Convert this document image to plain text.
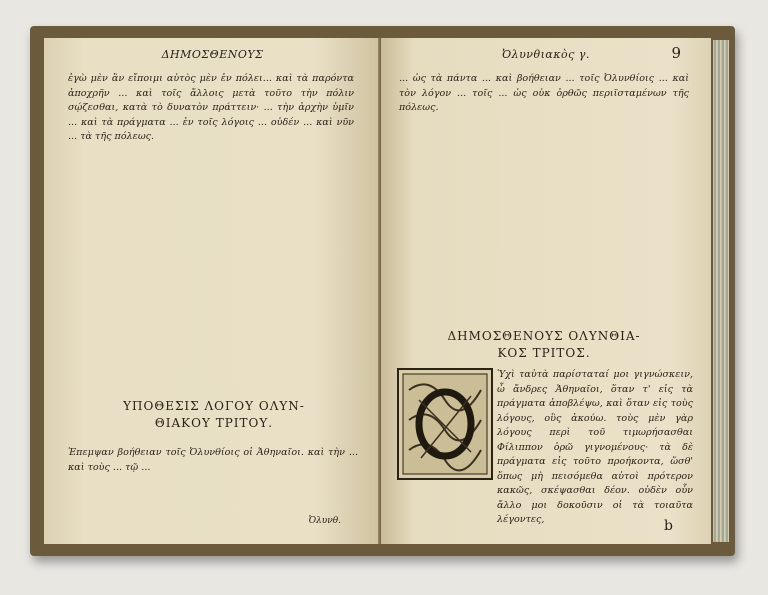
ΔΗΜΟΣΘΕΝΟΥΣ
ἐγὼ μὲν ἂν εἴποιμι αὐτὸς μὲν ἐν πόλει... καὶ τὰ παρόντα ἀποχρῆν ... καὶ τοῖς ἄλλοις μετὰ τοῦτο τὴν πόλιν σῴζεσθαι, κατὰ τὸ δυνατὸν πράττειν· ... τὴν ἀρχὴν ὑμῖν ... καὶ τὰ πράγματα ... ἐν τοῖς λόγοις ... οὐδέν ... καὶ νῦν ... τὰ τῆς πόλεως.
ΥΠΟΘΕΣΙΣ ΛΟΓΟΥ ΟΛΥΝ-
ΘΙΑΚΟΥ ΤΡΙΤΟΥ.
Ἐπεμψαν βοήθειαν τοῖς Ὀλυνθίοις οἱ Ἀθηναῖοι. καὶ τὴν ... καὶ τοὺς ... τῷ ...
Ὀλυνθ.
Ὀλυνθιακὸς γ.	9
... ὡς τὰ πάντα ... καὶ βοήθειαν ... τοῖς Ὀλυνθίοις ... καὶ τὸν λόγον ... τοῖς ... ὡς οὐκ ὀρθῶς περιϊσταμένων τῆς πόλεως.
ΔΗΜΟΣΘΕΝΟΥΣ ΟΛΥΝΘΙΑ-
ΚΟΣ ΤΡΙΤΟΣ.
Ὑχὶ ταὐτὰ παρίσταταί μοι γιγνώσκειν, ὦ ἄνδρες Ἀθηναῖοι, ὅταν τ' εἰς τὰ πράγματα ἀποβλέψω, καὶ ὅταν εἰς τοὺς λόγους, οὓς ἀκούω. τοὺς μὲν γὰρ λόγους περὶ τοῦ τιμωρήσασθαι Φίλιππον ὁρῶ γιγνομένους· τὰ δὲ πράγματα εἰς τοῦτο προήκοντα, ὥσθ' ὅπως μὴ πεισόμεθα αὐτοὶ πρότερον κακῶς, σκέψασθαι δέον. οὐδὲν οὖν ἄλλο μοι δοκοῦσιν οἱ τὰ τοιαῦτα λέγοντες,	b
